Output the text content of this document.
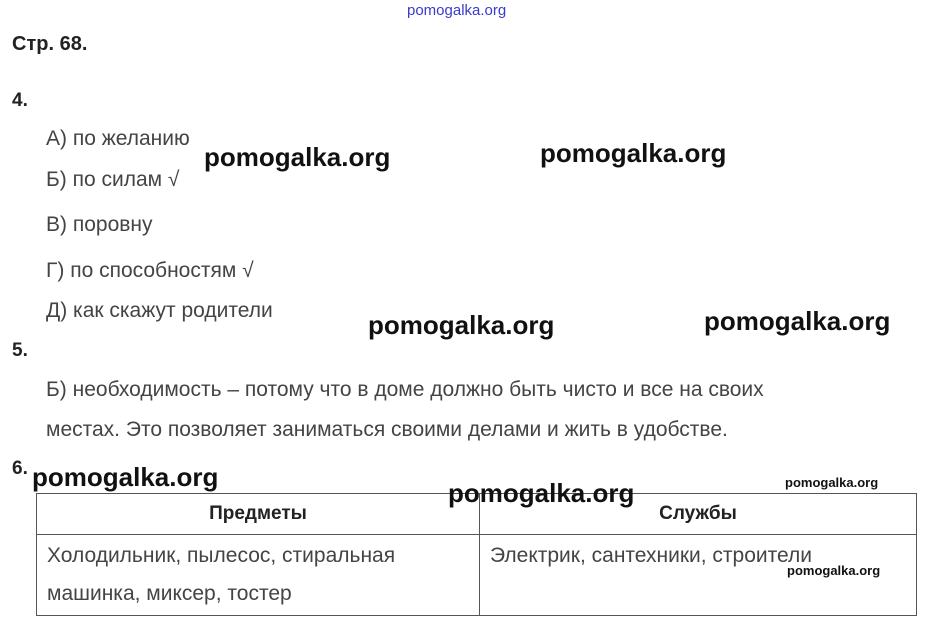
pomogalka.org
Стр. 68.
4.
А) по желанию
Б) по силам √
В) поровну
Г) по способностям √
Д) как скажут родители
5.
Б) необходимость – потому что в доме должно быть чисто и все на своих
местах. Это позволяет заниматься своими делами и жить в удобстве.
6.
Предметы	Службы

Холодильник, пылесос, стиральная
машинка, миксер, тостер	Электрик, сантехники, строители
pomogalka.org	pomogalka.org
pomogalka.org	pomogalka.org
pomogalka.org
pomogalka.org	pomogalka.org
pomogalka.org
